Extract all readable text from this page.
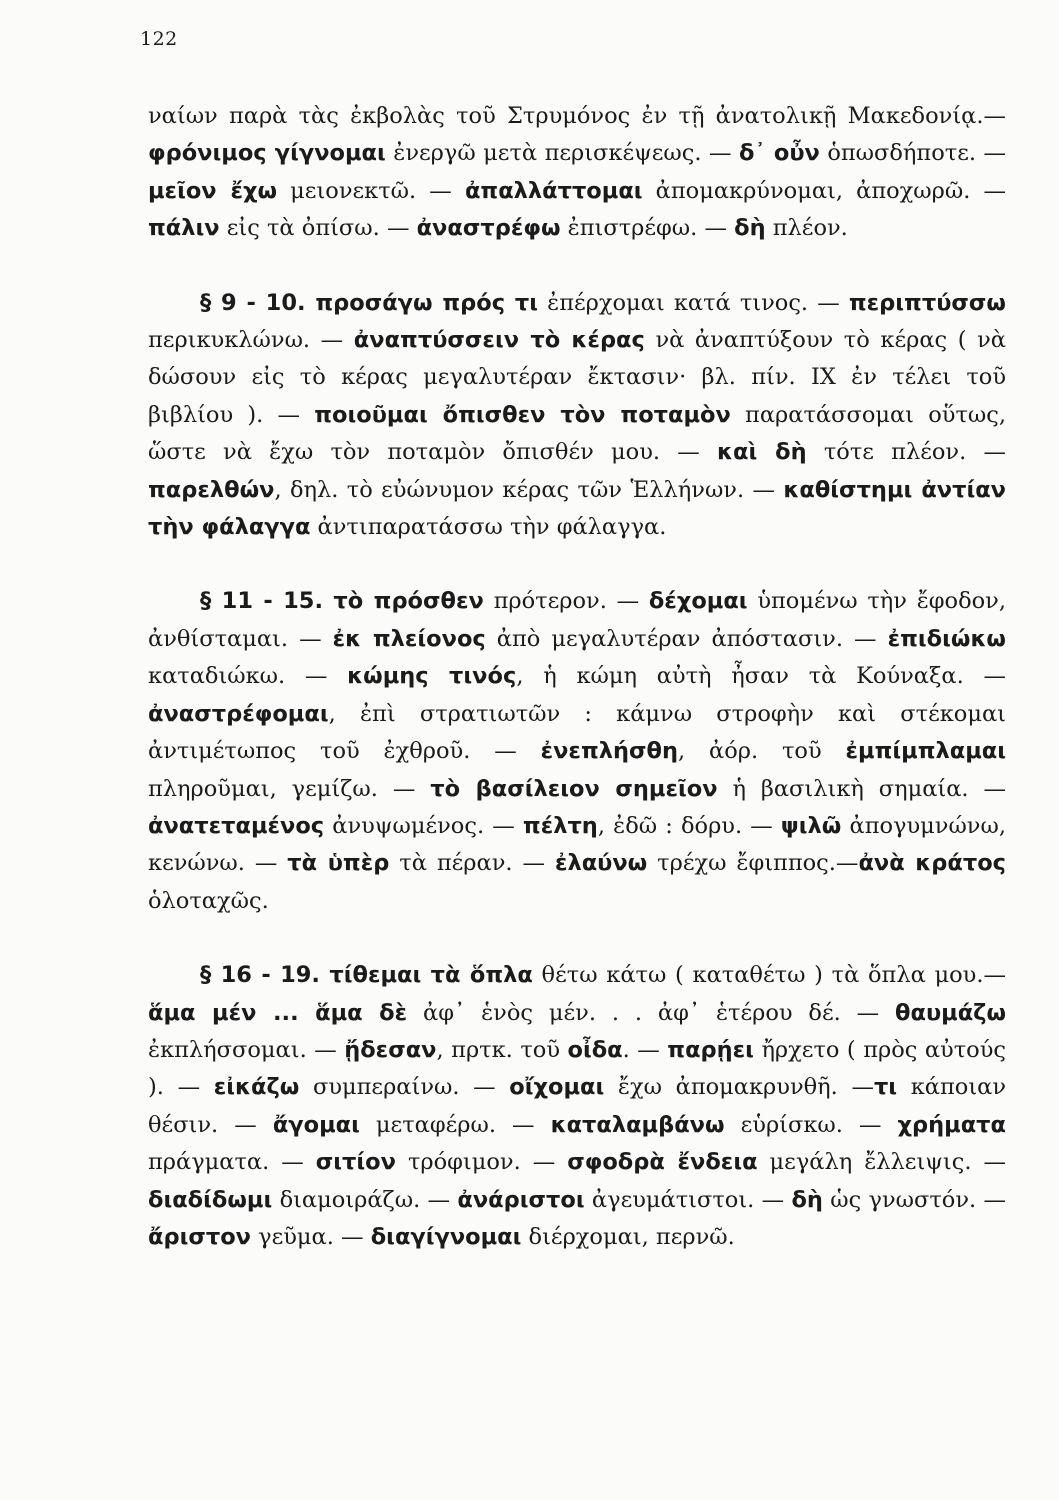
122

ναίων παρὰ τὰς ἐκβολὰς τοῦ Στρυμόνος ἐν τῇ ἀνατολικῇ Μακεδονίᾳ.—φρόνιμος γίγνομαι ἐνεργῶ μετὰ περισκέψεως. — δ᾽ οὖν ὁπωσδήποτε. — μεῖον ἔχω μειονεκτῶ. — ἀπαλλάττομαι ἀπομακρύνομαι, ἀποχωρῶ. — πάλιν εἰς τὰ ὀπίσω. — ἀναστρέφω ἐπιστρέφω. — δὴ πλέον.

§ 9 - 10. προσάγω πρός τι ἐπέρχομαι κατά τινος. — περιπτύσσω περικυκλώνω. — ἀναπτύσσειν τὸ κέρας νὰ ἀναπτύξουν τὸ κέρας ( νὰ δώσουν εἰς τὸ κέρας μεγαλυτέραν ἔκτασιν· βλ. πίν. IX ἐν τέλει τοῦ βιβλίου ). — ποιοῦμαι ὄπισθεν τὸν ποταμὸν παρατάσσομαι οὕτως, ὥστε νὰ ἔχω τὸν ποταμὸν ὄπισθέν μου. — καὶ δὴ τότε πλέον. — παρελθών, δηλ. τὸ εὐώνυμον κέρας τῶν Ἑλλήνων. — καθίστημι ἀντίαν τὴν φάλαγγα ἀντιπαρατάσσω τὴν φάλαγγα.

§ 11 - 15. τὸ πρόσθεν πρότερον. — δέχομαι ὑπομένω τὴν ἔφοδον, ἀνθίσταμαι. — ἐκ πλείονος ἀπὸ μεγαλυτέραν ἀπόστασιν. — ἐπιδιώκω καταδιώκω. — κώμης τινός, ἡ κώμη αὐτὴ ἦσαν τὰ Κούναξα. — ἀναστρέφομαι, ἐπὶ στρατιωτῶν : κάμνω στροφὴν καὶ στέκομαι ἀντιμέτωπος τοῦ ἐχθροῦ. — ἐνεπλήσθη, ἀόρ. τοῦ ἐμπίμπλαμαι πληροῦμαι, γεμίζω. — τὸ βασίλειον σημεῖον ἡ βασιλικὴ σημαία. — ἀνατεταμένος ἀνυψωμένος. — πέλτη, ἐδῶ : δόρυ. — ψιλῶ ἀπογυμνώνω, κενώνω. — τὰ ὑπὲρ τὰ πέραν. — ἐλαύνω τρέχω ἔφιππος.—ἀνὰ κράτος ὁλοταχῶς.

§ 16 - 19. τίθεμαι τὰ ὅπλα θέτω κάτω ( καταθέτω ) τὰ ὅπλα μου.—ἅμα μέν ... ἅμα δὲ ἀφ᾽ ἑνὸς μέν. . . ἀφ᾽ ἑτέρου δέ. — θαυμάζω ἐκπλήσσομαι. — ᾔδεσαν, πρτκ. τοῦ οἶδα. — παρῄει ἤρχετο ( πρὸς αὐτούς ). — εἰκάζω συμπεραίνω. — οἴχομαι ἔχω ἀπομακρυνθῆ. —τι κάποιαν θέσιν. — ἄγομαι μεταφέρω. — καταλαμβάνω εὑρίσκω. — χρήματα πράγματα. — σιτίον τρόφιμον. — σφοδρὰ ἔνδεια μεγάλη ἔλλειψις. — διαδίδωμι διαμοιράζω. — ἀνάριστοι ἀγευμάτιστοι. — δὴ ὡς γνωστόν. — ἄριστον γεῦμα. — διαγίγνομαι διέρχομαι, περνῶ.
